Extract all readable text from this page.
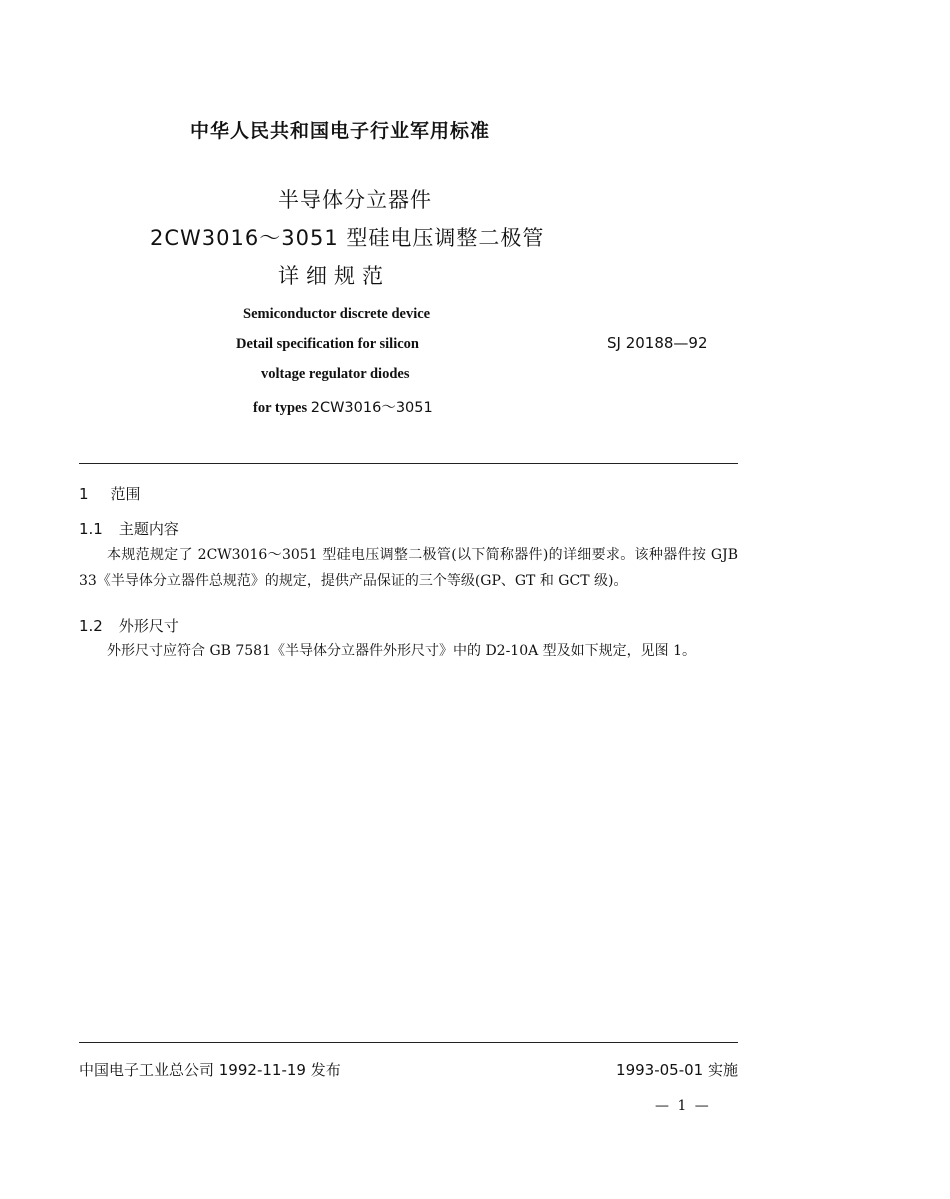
中华人民共和国电子行业军用标准
半导体分立器件
2CW3016～3051 型硅电压调整二极管
详细规范
Semiconductor discrete device
Detail specification for silicon
voltage regulator diodes
for types 2CW3016～3051
SJ 20188—92
1 范围
1.1 主题内容
本规范规定了 2CW3016～3051 型硅电压调整二极管(以下简称器件)的详细要求。该种器件按 GJB 33《半导体分立器件总规范》的规定，提供产品保证的三个等级(GP、GT 和 GCT 级)。
1.2 外形尺寸
外形尺寸应符合 GB 7581《半导体分立器件外形尺寸》中的 D2-10A 型及如下规定，见图 1。
中国电子工业总公司 1992-11-19 发布	1993-05-01 实施
— 1 —
